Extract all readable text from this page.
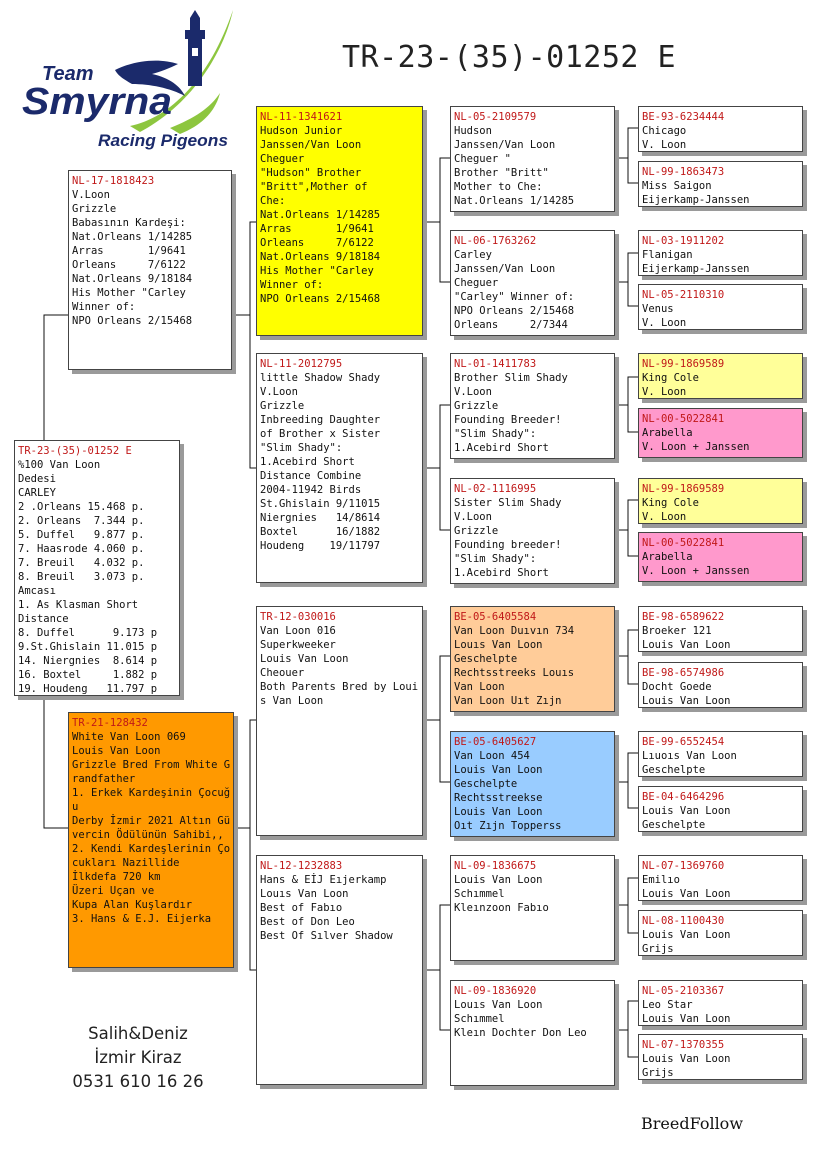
Team
Smyrna
Racing Pigeons
TR-23-(35)-01252 E
TR-23-(35)-01252 E
%100 Van Loon
Dedesi
CARLEY
2 .Orleans 15.468 p.
2. Orleans  7.344 p.
5. Duffel   9.877 p.
7. Haasrode 4.060 p.
7. Breuil   4.032 p.
8. Breuil   3.073 p.
Amcası
1. As Klasman Short
Distance
8. Duffel      9.173 p
9.St.Ghislain 11.015 p
14. Niergnies  8.614 p
16. Boxtel     1.882 p
19. Houdeng   11.797 p
NL-17-1818423
V.Loon
Grizzle
Babasının Kardeşi:
Nat.Orleans 1/14285
Arras       1/9641
Orleans     7/6122
Nat.Orleans 9/18184
His Mother "Carley
Winner of:
NPO Orleans 2/15468
TR-21-128432
White Van Loon 069
Louis Van Loon
Grizzle Bred From White Grandfather
1. Erkek Kardeşinin Çocuğu
Derby İzmir 2021 Altın Güvercin Ödülünün Sahibi,,
2. Kendi Kardeşlerinin Çocukları Nazillide
İlkdefa 720 km
Üzeri Uçan ve
Kupa Alan Kuşlardır
3. Hans & E.J. Eijerka
NL-11-1341621
Hudson Junior
Janssen/Van Loon
Cheguer
"Hudson" Brother
"Britt",Mother of
Che:
Nat.Orleans 1/14285
Arras       1/9641
Orleans     7/6122
Nat.Orleans 9/18184
His Mother "Carley
Winner of:
NPO Orleans 2/15468
NL-11-2012795
little Shadow Shady
V.Loon
Grizzle
Inbreeding Daughter
of Brother x Sister
"Slim Shady":
1.Acebird Short
Distance Combine
2004-11942 Birds
St.Ghislain 9/11015
Niergnies   14/8614
Boxtel      16/1882
Houdeng    19/11797
TR-12-030016
Van Loon 016
Superkweeker
Louis Van Loon
Cheouer
Both Parents Bred by Louis Van Loon
NL-12-1232883
Hans & EİJ Eıjerkamp
Louıs Van Loon
Best of Fabıo
Best of Don Leo
Best Of Sılver Shadow
NL-05-2109579
Hudson
Janssen/Van Loon
Cheguer "
Brother "Britt"
Mother to Che:
Nat.Orleans 1/14285
NL-06-1763262
Carley
Janssen/Van Loon
Cheguer
"Carley" Winner of:
NPO Orleans 2/15468
Orleans     2/7344
NL-01-1411783
Brother Slim Shady
V.Loon
Grizzle
Founding Breeder!
"Slim Shady":
1.Acebird Short
NL-02-1116995
Sister Slim Shady
V.Loon
Grizzle
Founding breeder!
"Slim Shady":
1.Acebird Short
BE-05-6405584
Van Loon Duıvın 734
Louıs Van Loon
Geschelpte
Rechtsstreeks Louıs
Van Loon
Van Loon Uıt Zıjn
BE-05-6405627
Van Loon 454
Louis Van Loon
Geschelpte
Rechtsstreekse
Louis Van Loon
Oıt Zıjn Topperss
NL-09-1836675
Louis Van Loon
Schımmel
Kleınzoon Fabıo
NL-09-1836920
Louıs Van Loon
Schımmel
Kleın Dochter Don Leo
BE-93-6234444
Chicago
V. Loon
NL-99-1863473
Miss Saigon
Eijerkamp-Janssen
NL-03-1911202
Flanigan
Eijerkamp-Janssen
NL-05-2110310
Venus
V. Loon
NL-99-1869589
King Cole
V. Loon
NL-00-5022841
Arabella
V. Loon + Janssen
NL-99-1869589
King Cole
V. Loon
NL-00-5022841
Arabella
V. Loon + Janssen
BE-98-6589622
Broeker 121
Louis Van Loon
BE-98-6574986
Docht Goede
Louis Van Loon
BE-99-6552454
Lıuoıs Van Loon
Geschelpte
BE-04-6464296
Louis Van Loon
Geschelpte
NL-07-1369760
Emilıo
Louis Van Loon
NL-08-1100430
Louis Van Loon
Grijs
NL-05-2103367
Leo Star
Louis Van Loon
NL-07-1370355
Louis Van Loon
Grijs
Salih&Deniz
İzmir Kiraz
0531 610 16 26
BreedFollow
